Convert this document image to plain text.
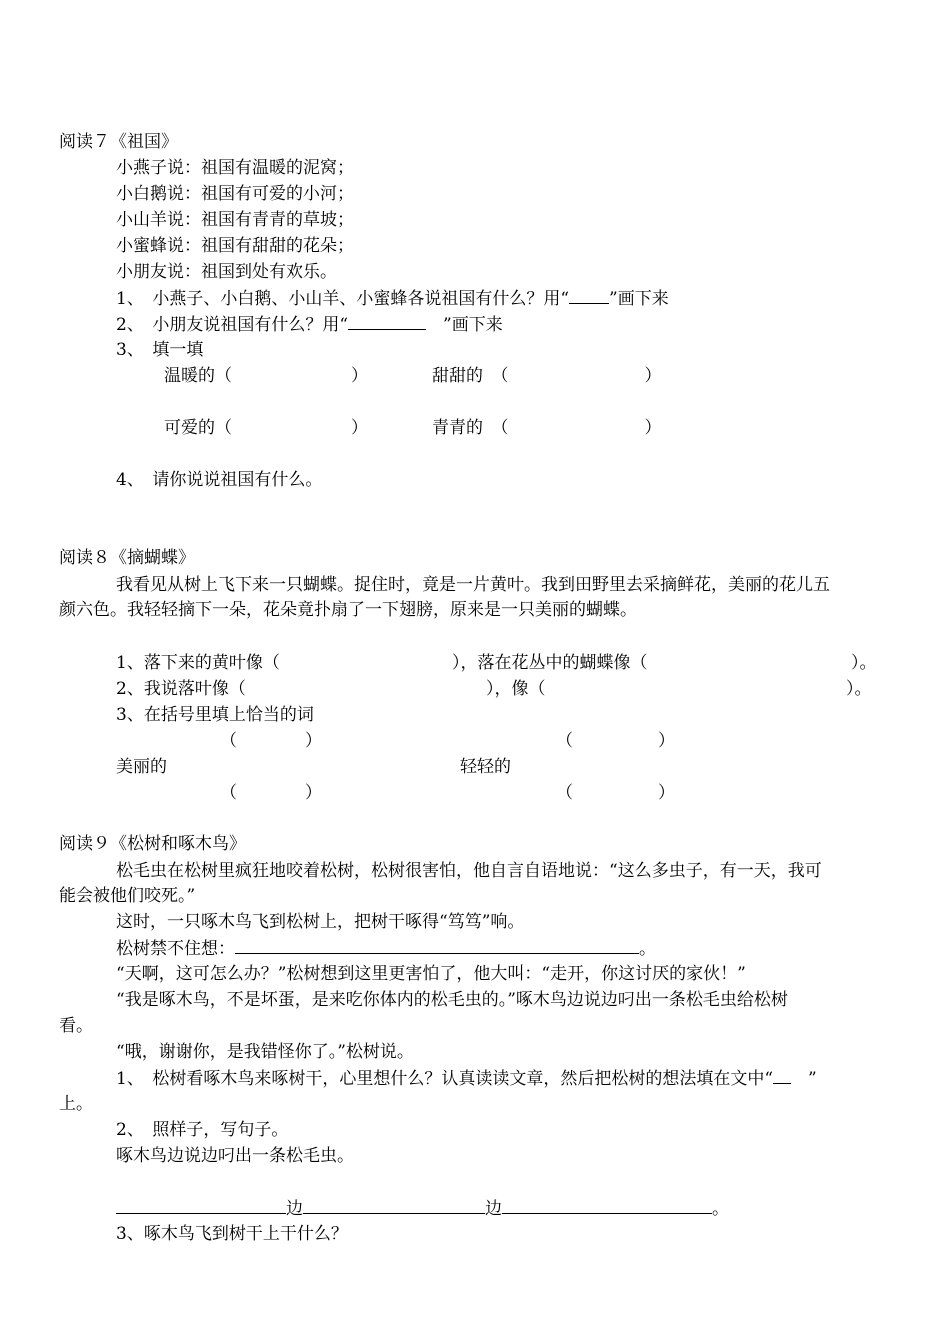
阅读７《祖国》
小燕子说：祖国有温暖的泥窝；
小白鹅说：祖国有可爱的小河；
小山羊说：祖国有青青的草坡；
小蜜蜂说：祖国有甜甜的花朵；
小朋友说：祖国到处有欢乐。
1、　小燕子、小白鹅、小山羊、小蜜蜂各说祖国有什么？用“ ”画下来
2、　小朋友说祖国有什么？用“	　”画下来
3、　填一填
温暖的（　　　　　　　）	甜甜的　（　　　　　　　　）
可爱的（　　　　　　　）	青青的　（　　　　　　　　）
4、　请你说说祖国有什么。
阅读８《摘蝴蝶》
我看见从树上飞下来一只蝴蝶。捉住时，竟是一片黄叶。我到田野里去采摘鲜花，美丽的花儿五
颜六色。我轻轻摘下一朵，花朵竟扑扇了一下翅膀，原来是一只美丽的蝴蝶。
1、落下来的黄叶像（	），落在花丛中的蝴蝶像（	）。
2、我说落叶像（	），像（	）。
3、在括号里填上恰当的词
（　　　　）	（　　　　　）
美丽的	轻轻的
（　　　　）	（　　　　　）
阅读９《松树和啄木鸟》
松毛虫在松树里疯狂地咬着松树，松树很害怕，他自言自语地说：“这么多虫子，有一天，我可
能会被他们咬死。”
这时，一只啄木鸟飞到松树上，把树干啄得“笃笃”响。
松树禁不住想：	。
“天啊，这可怎么办？”松树想到这里更害怕了，他大叫：“走开，你这讨厌的家伙！”
“我是啄木鸟，不是坏蛋，是来吃你体内的松毛虫的。”啄木鸟边说边叼出一条松毛虫给松树
看。
“哦，谢谢你，是我错怪你了。”松树说。
1、　松树看啄木鸟来啄树干，心里想什么？认真读读文章，然后把松树的想法填在文中“　 ”
上。
2、　照样子，写句子。
啄木鸟边说边叼出一条松毛虫。
边	边	。
3、啄木鸟飞到树干上干什么？
